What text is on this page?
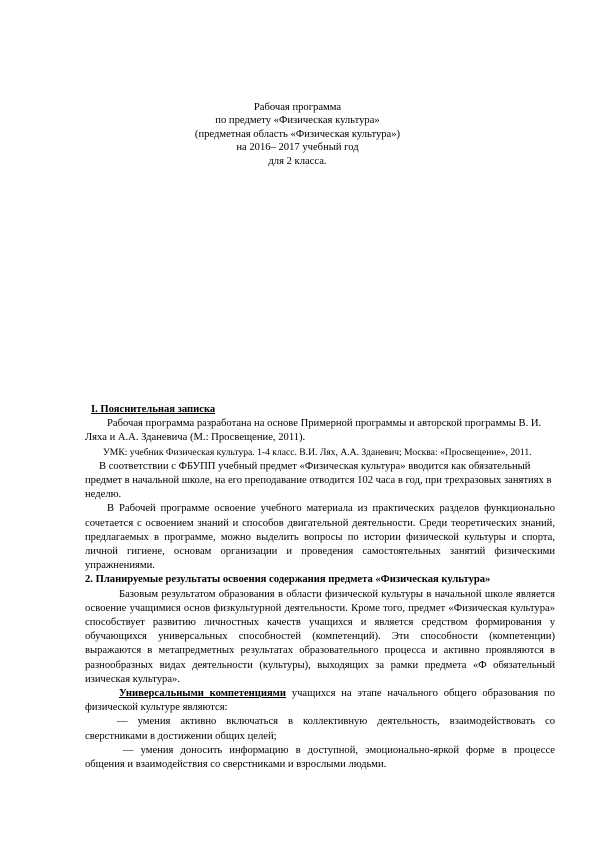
Рабочая программа
по предмету «Физическая культура»
(предметная область «Физическая культура»)
на 2016– 2017 учебный год
для 2 класса.

I. Пояснительная записка

Рабочая программа разработана на основе Примерной программы и авторской программы В. И. Ляха и А.А. Зданевича (М.: Просвещение, 2011).

УМК: учебник Физическая культура. 1-4 класс. В.И. Лях, А.А. Зданевич; Москва: «Просвещение», 2011.

В соответствии с ФБУПП учебный предмет «Физическая культура» вводится как обязательный предмет в начальной школе, на его преподавание отводится 102 часа в год, при трехразовых занятиях в неделю.

В Рабочей программе освоение учебного материала из практических разделов функционально сочетается с освоением знаний и способов двигательной деятельности. Среди теоретических знаний, предлагаемых в программе, можно выделить вопросы по истории физической культуры и спорта, личной гигиене, основам организации и проведения самостоятельных занятий физическими упражнениями.

2. Планируемые результаты освоения содержания предмета «Физическая культура»

Базовым результатом образования в области физической культуры в начальной школе является освоение учащимися основ физкультурной деятельности. Кроме того, предмет «Физическая культура» способствует развитию личностных качеств учащихся и является средством формирования у обучающихся универсальных способностей (компетенций). Эти способности (компетенции) выражаются в метапредметных результатах образовательного процесса и активно проявляются в разнообразных видах деятельности (культуры), выходящих за рамки предмета «Ф обязательный изическая культура».

Универсальными компетенциями учащихся на этапе начального общего образования по физической культуре являются:

— умения активно включаться в коллективную деятельность, взаимодействовать со сверстниками в достижении общих целей;

— умения доносить информацию в доступной, эмоционально-яркой форме в процессе общения и взаимодействия со сверстниками и взрослыми людьми.
